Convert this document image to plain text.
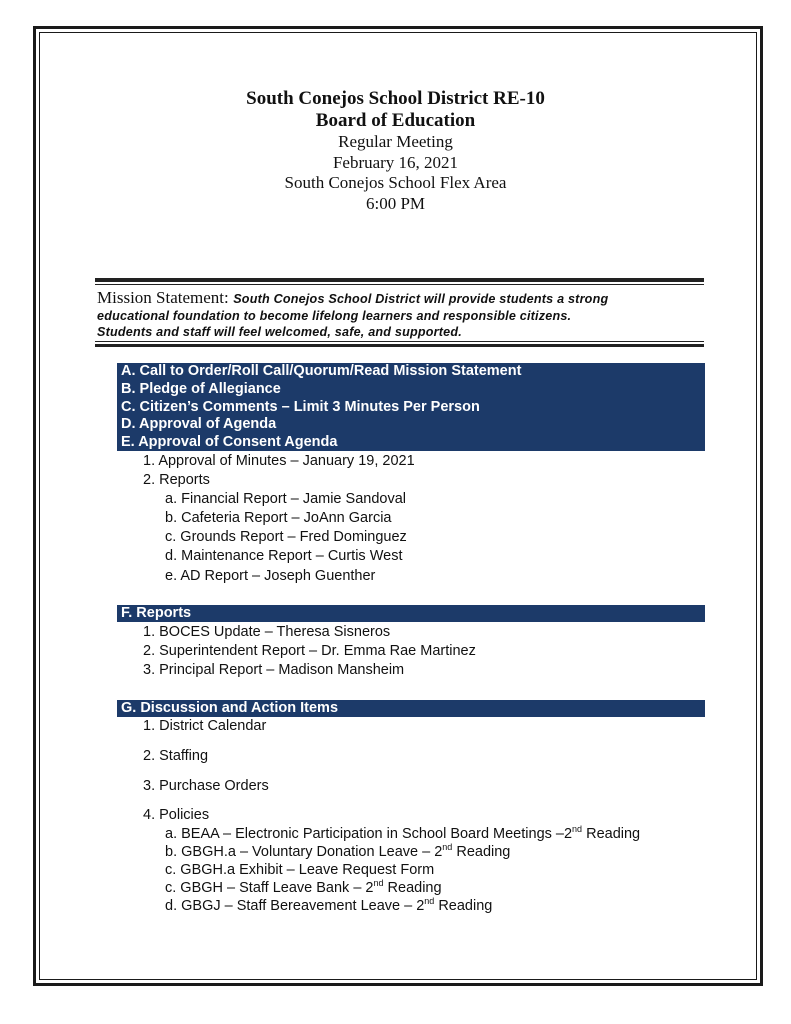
South Conejos School District RE-10
Board of Education
Regular Meeting
February 16, 2021
South Conejos School Flex Area
6:00 PM
Mission Statement: South Conejos School District will provide students a strong
educational foundation to become lifelong learners and responsible citizens.
Students and staff will feel welcomed, safe, and supported.
A. Call to Order/Roll Call/Quorum/Read Mission Statement
B. Pledge of Allegiance
C. Citizen’s Comments – Limit 3 Minutes Per Person
D. Approval of Agenda
E. Approval of Consent Agenda
1. Approval of Minutes – January 19, 2021
2. Reports
a. Financial Report – Jamie Sandoval
b. Cafeteria Report – JoAnn Garcia
c. Grounds Report – Fred Dominguez
d. Maintenance Report – Curtis West
e. AD Report – Joseph Guenther
F. Reports
1. BOCES Update – Theresa Sisneros
2. Superintendent Report – Dr. Emma Rae Martinez
3. Principal Report – Madison Mansheim
G. Discussion and Action Items
1. District Calendar
2. Staffing
3. Purchase Orders
4. Policies
a. BEAA – Electronic Participation in School Board Meetings –2nd Reading
b. GBGH.a – Voluntary Donation Leave – 2nd Reading
c. GBGH.a Exhibit – Leave Request Form
c. GBGH – Staff Leave Bank – 2nd Reading
d. GBGJ – Staff Bereavement Leave – 2nd Reading
